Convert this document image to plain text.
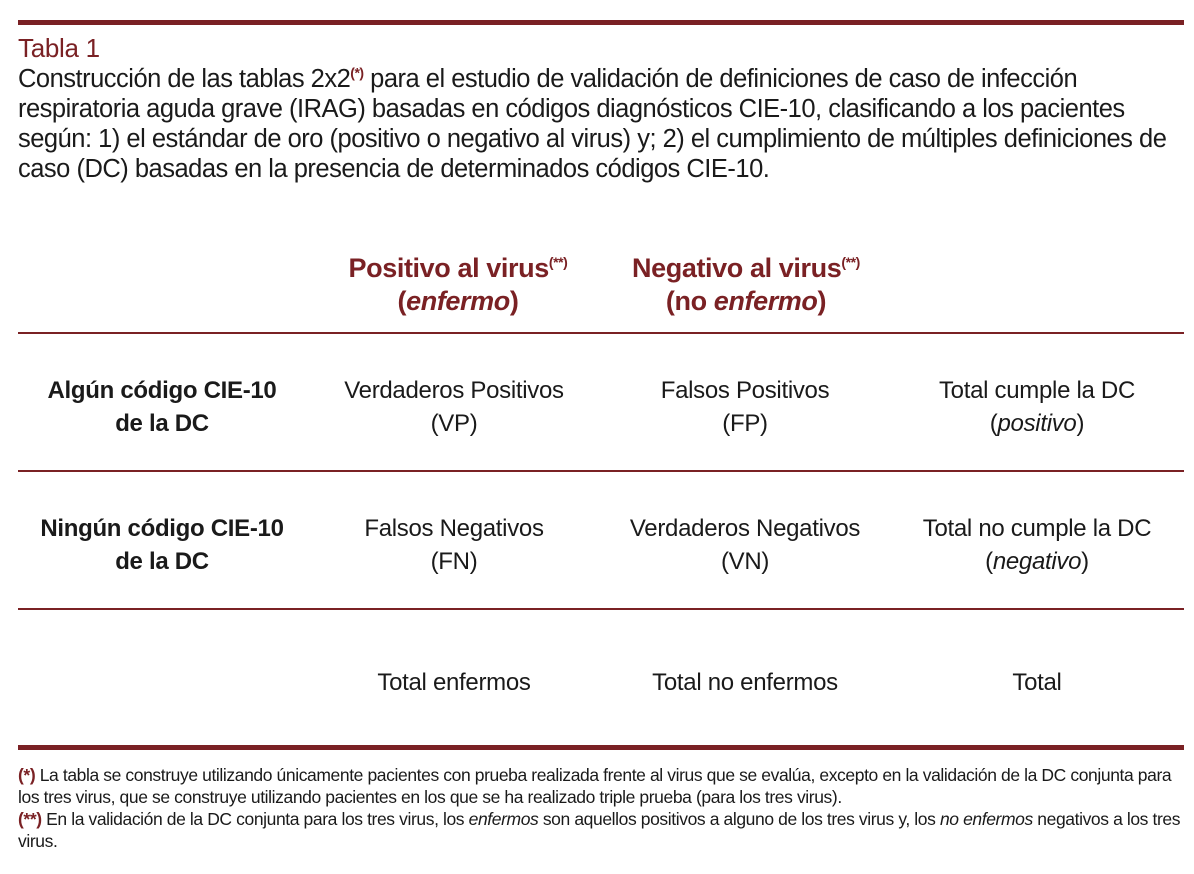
Tabla 1
Construcción de las tablas 2x2(*) para el estudio de validación de definiciones de caso de infección respiratoria aguda grave (IRAG) basadas en códigos diagnósticos CIE-10, clasificando a los pacientes según: 1) el estándar de oro (positivo o negativo al virus) y; 2) el cumplimiento de múltiples definiciones de caso (DC) basadas en la presencia de determinados códigos CIE-10.
Positivo al virus(**)
(enfermo)
Negativo al virus(**)
(no enfermo)
Algún código CIE-10
de la DC
Verdaderos Positivos
(VP)
Falsos Positivos
(FP)
Total cumple la DC
(positivo)
Ningún código CIE-10
de la DC
Falsos Negativos
(FN)
Verdaderos Negativos
(VN)
Total no cumple la DC
(negativo)
Total enfermos	Total no enfermos	Total
(*) La tabla se construye utilizando únicamente pacientes con prueba realizada frente al virus que se evalúa, excepto en la validación de la DC conjunta para los tres virus, que se construye utilizando pacientes en los que se ha realizado triple prueba (para los tres virus).
(**) En la validación de la DC conjunta para los tres virus, los enfermos son aquellos positivos a alguno de los tres virus y, los no enfermos negativos a los tres virus.
